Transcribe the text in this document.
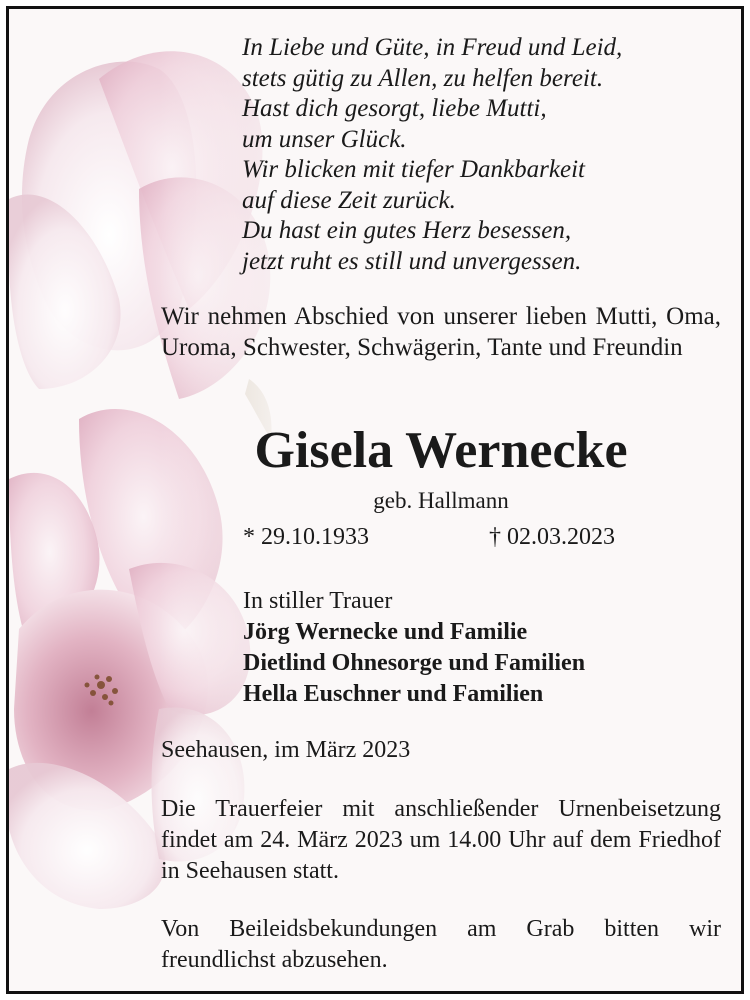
In Liebe und Güte, in Freud und Leid,
stets gütig zu Allen, zu helfen bereit.
Hast dich gesorgt, liebe Mutti,
um unser Glück.
Wir blicken mit tiefer Dankbarkeit
auf diese Zeit zurück.
Du hast ein gutes Herz besessen,
jetzt ruht es still und unvergessen.
Wir nehmen Abschied von unserer lieben Mutti, Oma, Uroma, Schwester, Schwägerin, Tante und Freundin
Gisela Wernecke
geb. Hallmann
* 29.10.1933	† 02.03.2023
In stiller Trauer
Jörg Wernecke und Familie
Dietlind Ohnesorge und Familien
Hella Euschner und Familien
Seehausen, im März 2023
Die Trauerfeier mit anschließender Urnenbeisetzung findet am 24. März 2023 um 14.00 Uhr auf dem Friedhof in Seehausen statt.
Von Beileidsbekundungen am Grab bitten wir freundlichst abzusehen.
